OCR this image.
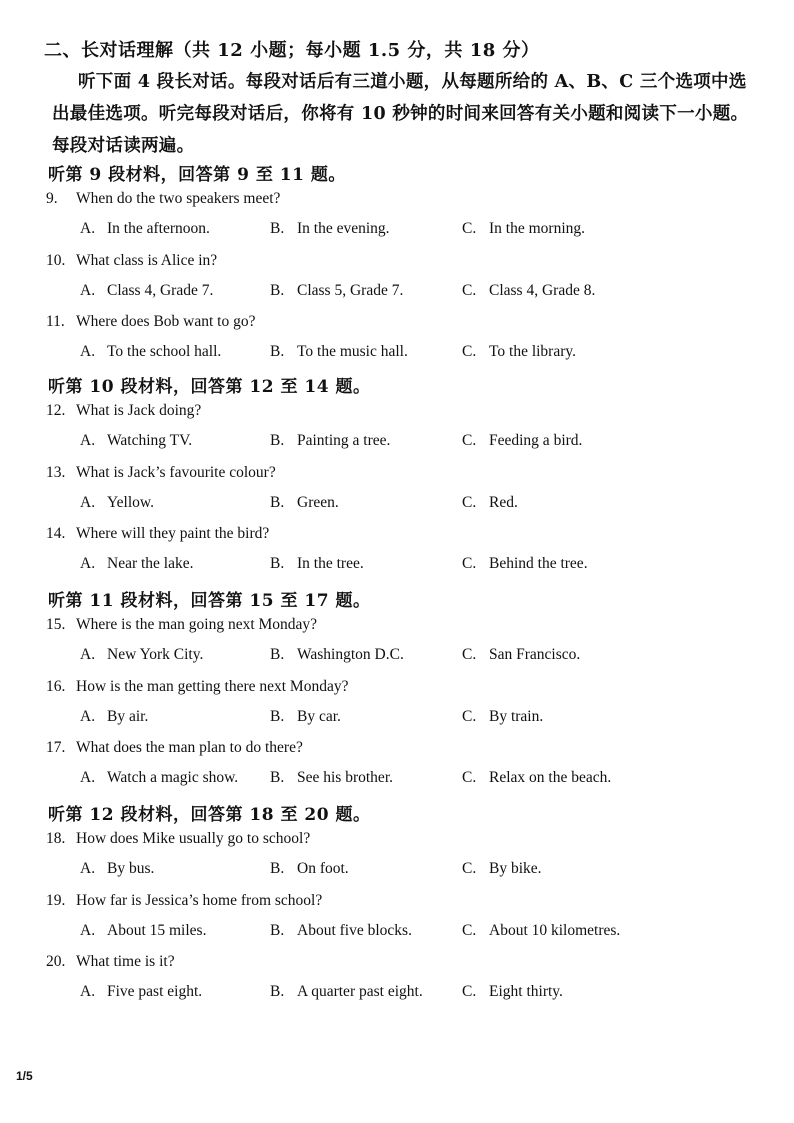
二、长对话理解（共 12 小题；每小题 1.5 分，共 18 分）
听下面 4 段长对话。每段对话后有三道小题，从每题所给的 A、B、C 三个选项中选出最佳选项。听完每段对话后，你将有 10 秒钟的时间来回答有关小题和阅读下一小题。每段对话读两遍。
听第 9 段材料，回答第 9 至 11 题。
9. When do the two speakers meet?
A. In the afternoon.	B. In the evening.	C. In the morning.
10. What class is Alice in?
A. Class 4, Grade 7.	B. Class 5, Grade 7.	C. Class 4, Grade 8.
11. Where does Bob want to go?
A. To the school hall.	B. To the music hall.	C. To the library.
听第 10 段材料，回答第 12 至 14 题。
12. What is Jack doing?
A. Watching TV.	B. Painting a tree.	C. Feeding a bird.
13. What is Jack’s favourite colour?
A. Yellow.	B. Green.	C. Red.
14. Where will they paint the bird?
A. Near the lake.	B. In the tree.	C. Behind the tree.
听第 11 段材料，回答第 15 至 17 题。
15. Where is the man going next Monday?
A. New York City.	B. Washington D.C.	C. San Francisco.
16. How is the man getting there next Monday?
A. By air.	B. By car.	C. By train.
17. What does the man plan to do there?
A. Watch a magic show. B. See his brother.	C. Relax on the beach.
听第 12 段材料，回答第 18 至 20 题。
18. How does Mike usually go to school?
A. By bus.	B. On foot.	C. By bike.
19. How far is Jessica’s home from school?
A. About 15 miles.	B. About five blocks.	C. About 10 kilometres.
20. What time is it?
A. Five past eight.	B. A quarter past eight.	C. Eight thirty.
1/5
